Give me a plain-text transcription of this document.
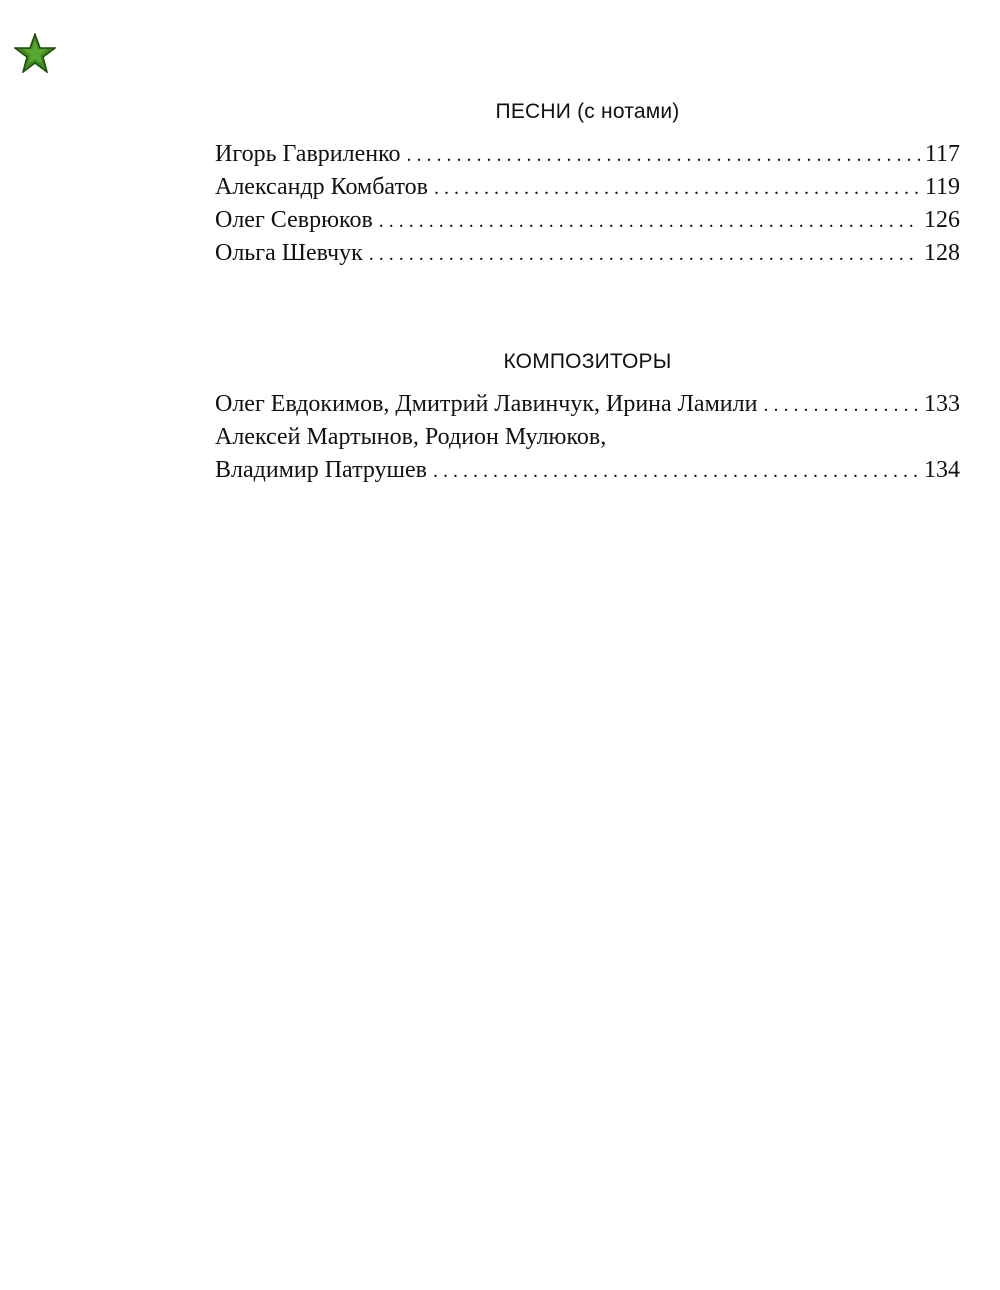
ПЕСНИ (с нотами)
Игорь Гавриленко . . .	117
Александр Комбатов . . .	119
Олег Севрюков . . .	126
Ольга Шевчук . . .	128
КОМПОЗИТОРЫ
Олег Евдокимов, Дмитрий Лавинчук, Ирина Ламили . . .	133
Алексей Мартынов, Родион Мулюков,
Владимир Патрушев . . .	134
